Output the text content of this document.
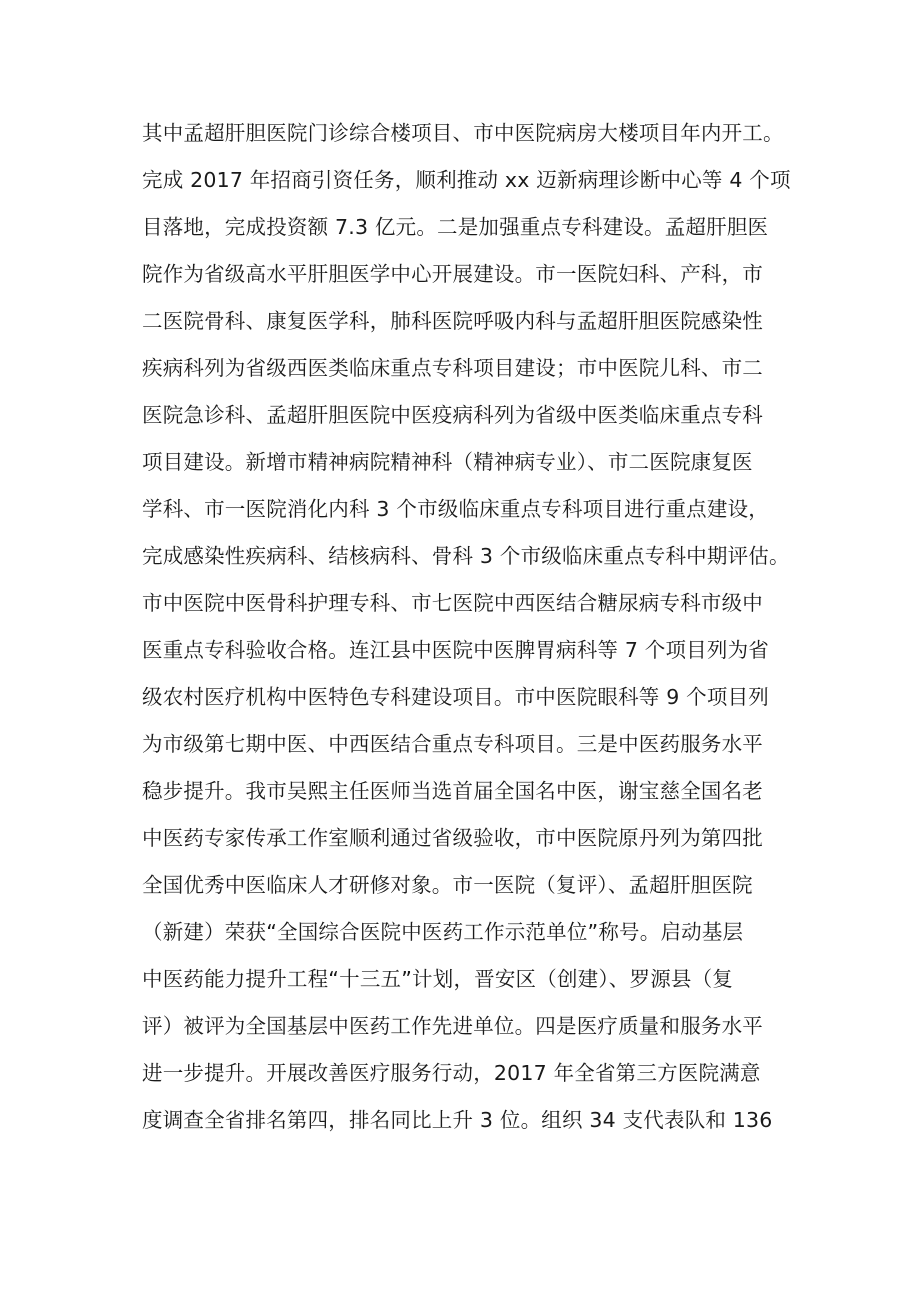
其中孟超肝胆医院门诊综合楼项目、市中医院病房大楼项目年内开工。
完成 2017 年招商引资任务，顺利推动 xx 迈新病理诊断中心等 4 个项
目落地，完成投资额 7.3 亿元。二是加强重点专科建设。孟超肝胆医
院作为省级高水平肝胆医学中心开展建设。市一医院妇科、产科，市
二医院骨科、康复医学科，肺科医院呼吸内科与孟超肝胆医院感染性
疾病科列为省级西医类临床重点专科项目建设；市中医院儿科、市二
医院急诊科、孟超肝胆医院中医疫病科列为省级中医类临床重点专科
项目建设。新增市精神病院精神科（精神病专业）、市二医院康复医
学科、市一医院消化内科 3 个市级临床重点专科项目进行重点建设，
完成感染性疾病科、结核病科、骨科 3 个市级临床重点专科中期评估。
市中医院中医骨科护理专科、市七医院中西医结合糖尿病专科市级中
医重点专科验收合格。连江县中医院中医脾胃病科等 7 个项目列为省
级农村医疗机构中医特色专科建设项目。市中医院眼科等 9 个项目列
为市级第七期中医、中西医结合重点专科项目。三是中医药服务水平
稳步提升。我市吴熙主任医师当选首届全国名中医，谢宝慈全国名老
中医药专家传承工作室顺利通过省级验收，市中医院原丹列为第四批
全国优秀中医临床人才研修对象。市一医院（复评）、孟超肝胆医院
（新建）荣获“全国综合医院中医药工作示范单位”称号。启动基层
中医药能力提升工程“十三五”计划，晋安区（创建）、罗源县（复
评）被评为全国基层中医药工作先进单位。四是医疗质量和服务水平
进一步提升。开展改善医疗服务行动，2017 年全省第三方医院满意
度调查全省排名第四，排名同比上升 3 位。组织 34 支代表队和 136
